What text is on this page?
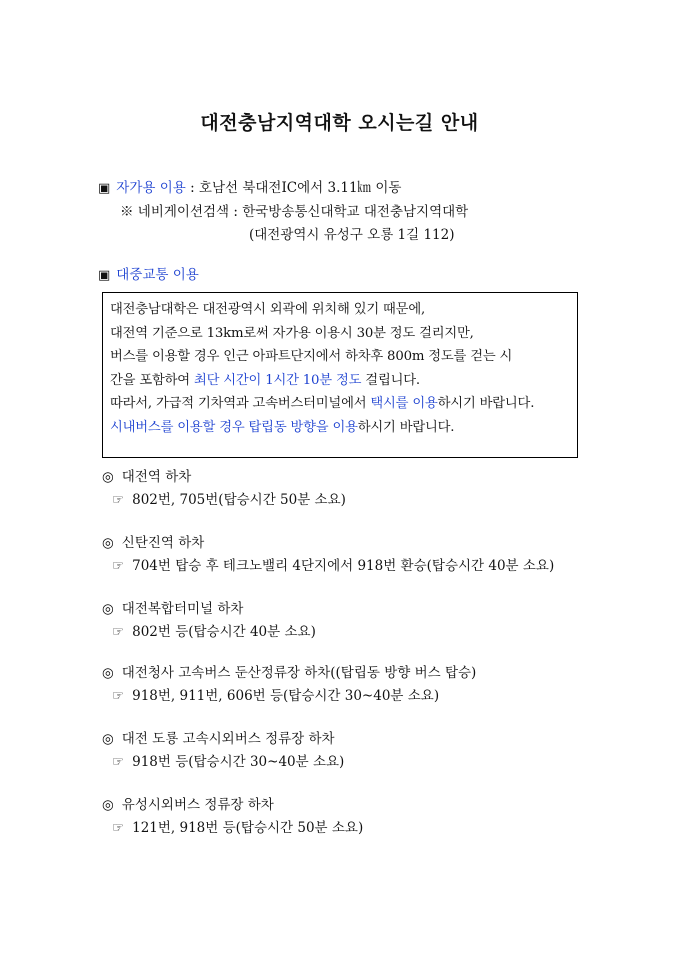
대전충남지역대학 오시는길 안내
▣ 자가용 이용 : 호남선 북대전IC에서 3.11㎞ 이동
※ 네비게이션검색 : 한국방송통신대학교 대전충남지역대학
(대전광역시 유성구 오룡 1길 112)
▣ 대중교통 이용
대전충남대학은 대전광역시 외곽에 위치해 있기 때문에,
대전역 기준으로 13km로써 자가용 이용시 30분 정도 걸리지만,
버스를 이용할 경우 인근 아파트단지에서 하차후 800m 정도를 걷는 시
간을 포함하여 최단 시간이 1시간 10분 정도 걸립니다.
따라서, 가급적 기차역과 고속버스터미널에서 택시를 이용하시기 바랍니다.
시내버스를 이용할 경우 탑립동 방향을 이용하시기 바랍니다.
◎ 대전역 하차
☞ 802번, 705번(탑승시간 50분 소요)
◎ 신탄진역 하차
☞ 704번 탑승 후 테크노밸리 4단지에서 918번 환승(탑승시간 40분 소요)
◎ 대전복합터미널 하차
☞ 802번 등(탑승시간 40분 소요)
◎ 대전청사 고속버스 둔산정류장 하차((탑립동 방향 버스 탑승)
☞ 918번, 911번, 606번 등(탑승시간 30~40분 소요)
◎ 대전 도룡 고속시외버스 정류장 하차
☞ 918번 등(탑승시간 30~40분 소요)
◎ 유성시외버스 정류장 하차
☞ 121번, 918번 등(탑승시간 50분 소요)
